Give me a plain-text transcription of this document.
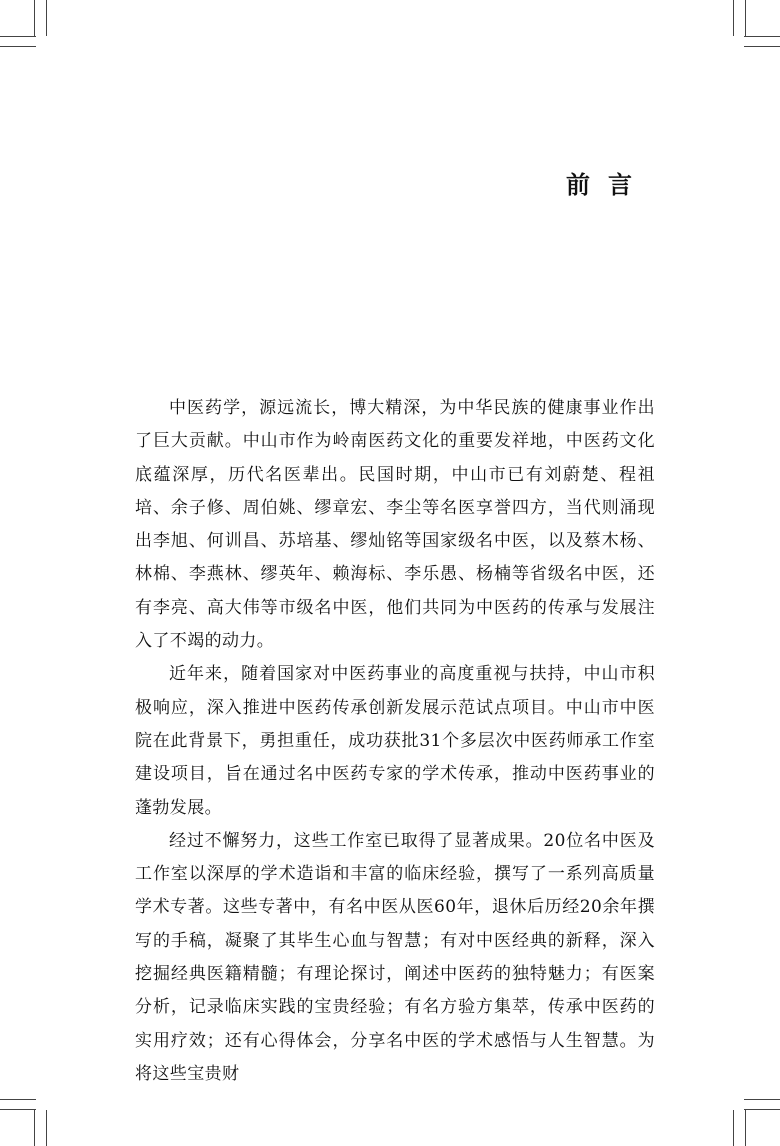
前言

中医药学，源远流长，博大精深，为中华民族的健康事业作出了巨大贡献。中山市作为岭南医药文化的重要发祥地，中医药文化底蕴深厚，历代名医辈出。民国时期，中山市已有刘蔚楚、程祖培、余子修、周伯姚、缪章宏、李尘等名医享誉四方，当代则涌现出李旭、何训昌、苏培基、缪灿铭等国家级名中医，以及蔡木杨、林棉、李燕林、缪英年、赖海标、李乐愚、杨楠等省级名中医，还有李亮、高大伟等市级名中医，他们共同为中医药的传承与发展注入了不竭的动力。

近年来，随着国家对中医药事业的高度重视与扶持，中山市积极响应，深入推进中医药传承创新发展示范试点项目。中山市中医院在此背景下，勇担重任，成功获批31个多层次中医药师承工作室建设项目，旨在通过名中医药专家的学术传承，推动中医药事业的蓬勃发展。

经过不懈努力，这些工作室已取得了显著成果。20位名中医及工作室以深厚的学术造诣和丰富的临床经验，撰写了一系列高质量学术专著。这些专著中，有名中医从医60年，退休后历经20余年撰写的手稿，凝聚了其毕生心血与智慧；有对中医经典的新释，深入挖掘经典医籍精髓；有理论探讨，阐述中医药的独特魅力；有医案分析，记录临床实践的宝贵经验；有名方验方集萃，传承中医药的实用疗效；还有心得体会，分享名中医的学术感悟与人生智慧。为将这些宝贵财
